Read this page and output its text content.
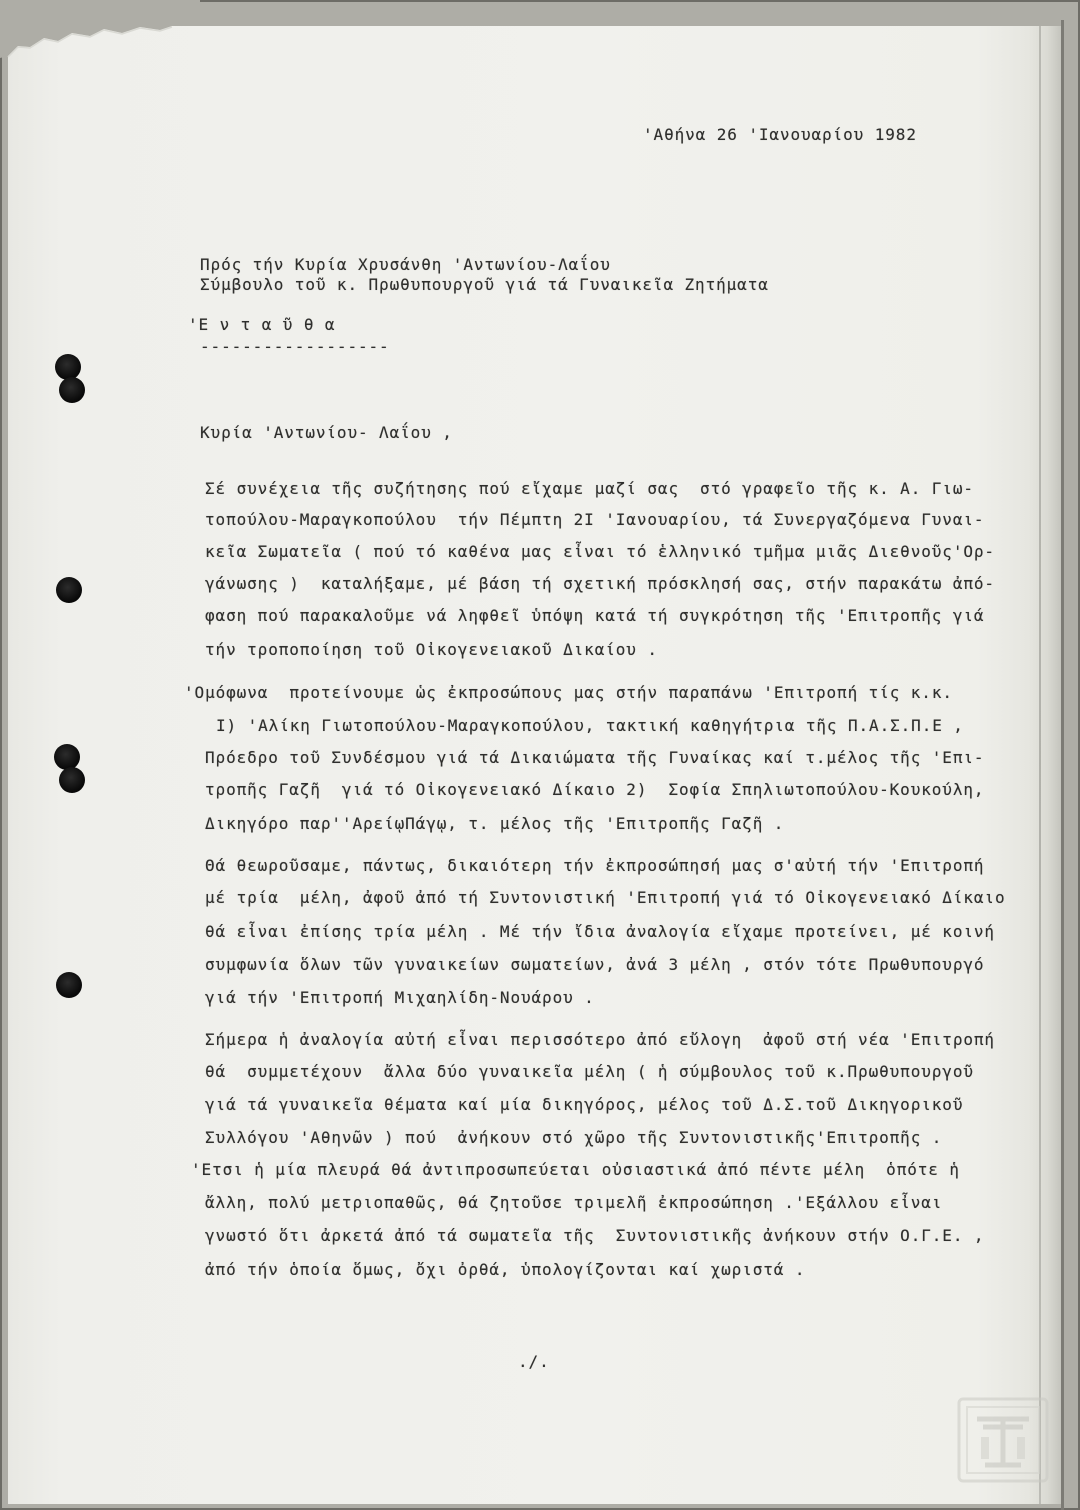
'Αθήνα 26 'Ιανουαρίου 1982
Πρός τήν Κυρία Χρυσάνθη 'Αντωνίου-Λαΐου
Σύμβουλο τοῦ κ. Πρωθυπουργοῦ γιά τά Γυναικεῖα Ζητήματα
'Ε ν τ α ῦ θ α
------------------
Κυρία 'Αντωνίου- Λαΐου ,
Σέ συνέχεια τῆς συζήτησης πού εἴχαμε μαζί σας  στό γραφεῖο τῆς κ. Α. Γιω-
τοπούλου-Μαραγκοπούλου  τήν Πέμπτη 2Ι 'Ιανουαρίου, τά Συνεργαζόμενα Γυναι-
κεῖα Σωματεῖα ( πού τό καθένα μας εἶναι τό ἑλληνικό τμῆμα μιᾶς Διεθνοῦς'Ορ-
γάνωσης )  καταλήξαμε, μέ βάση τή σχετική πρόσκλησή σας, στήν παρακάτω ἀπό-
φαση πού παρακαλοῦμε νά ληφθεῖ ὑπόψη κατά τή συγκρότηση τῆς 'Επιτροπῆς γιά
τήν τροποποίηση τοῦ Οἰκογενειακοῦ Δικαίου .
'Ομόφωνα  προτείνουμε ὡς ἐκπροσώπους μας στήν παραπάνω 'Επιτροπή τίς κ.κ.
Ι) 'Αλίκη Γιωτοπούλου-Μαραγκοπούλου, τακτική καθηγήτρια τῆς Π.Α.Σ.Π.Ε ,
Πρόεδρο τοῦ Συνδέσμου γιά τά Δικαιώματα τῆς Γυναίκας καί τ.μέλος τῆς 'Επι-
τροπῆς Γαζῆ  γιά τό Οἰκογενειακό Δίκαιο 2)  Σοφία Σπηλιωτοπούλου-Κουκούλη,
Δικηγόρο παρ''ΑρείῳΠάγῳ, τ. μέλος τῆς 'Επιτροπῆς Γαζῆ .
Θά θεωροῦσαμε, πάντως, δικαιότερη τήν ἐκπροσώπησή μας σ'αὐτή τήν 'Επιτροπή
μέ τρία  μέλη, ἀφοῦ ἀπό τή Συντονιστική 'Επιτροπή γιά τό Οἰκογενειακό Δίκαιο
θά εἶναι ἐπίσης τρία μέλη . Μέ τήν ἴδια ἀναλογία εἴχαμε προτείνει, μέ κοινή
συμφωνία ὅλων τῶν γυναικείων σωματείων, ἀνά 3 μέλη , στόν τότε Πρωθυπουργό
γιά τήν 'Επιτροπή Μιχαηλίδη-Νουάρου .
Σήμερα ἡ ἀναλογία αὐτή εἶναι περισσότερο ἀπό εὔλογη  ἀφοῦ στή νέα 'Επιτροπή
θά  συμμετέχουν  ἄλλα δύο γυναικεῖα μέλη ( ἡ σύμβουλος τοῦ κ.Πρωθυπουργοῦ
γιά τά γυναικεῖα θέματα καί μία δικηγόρος, μέλος τοῦ Δ.Σ.τοῦ Δικηγορικοῦ
Συλλόγου 'Αθηνῶν ) πού  ἀνήκουν στό χῶρο τῆς Συντονιστικῆς'Επιτροπῆς .
'Ετσι ἡ μία πλευρά θά ἀντιπροσωπεύεται οὐσιαστικά ἀπό πέντε μέλη  ὁπότε ἡ
ἄλλη, πολύ μετριοπαθῶς, θά ζητοῦσε τριμελῆ ἐκπροσώπηση .'Εξάλλου εἶναι
γνωστό ὅτι ἀρκετά ἀπό τά σωματεῖα τῆς  Συντονιστικῆς ἀνήκουν στήν Ο.Γ.Ε. ,
ἀπό τήν ὁποία ὅμως, ὄχι ὀρθά, ὑπολογίζονται καί χωριστά .
./.
